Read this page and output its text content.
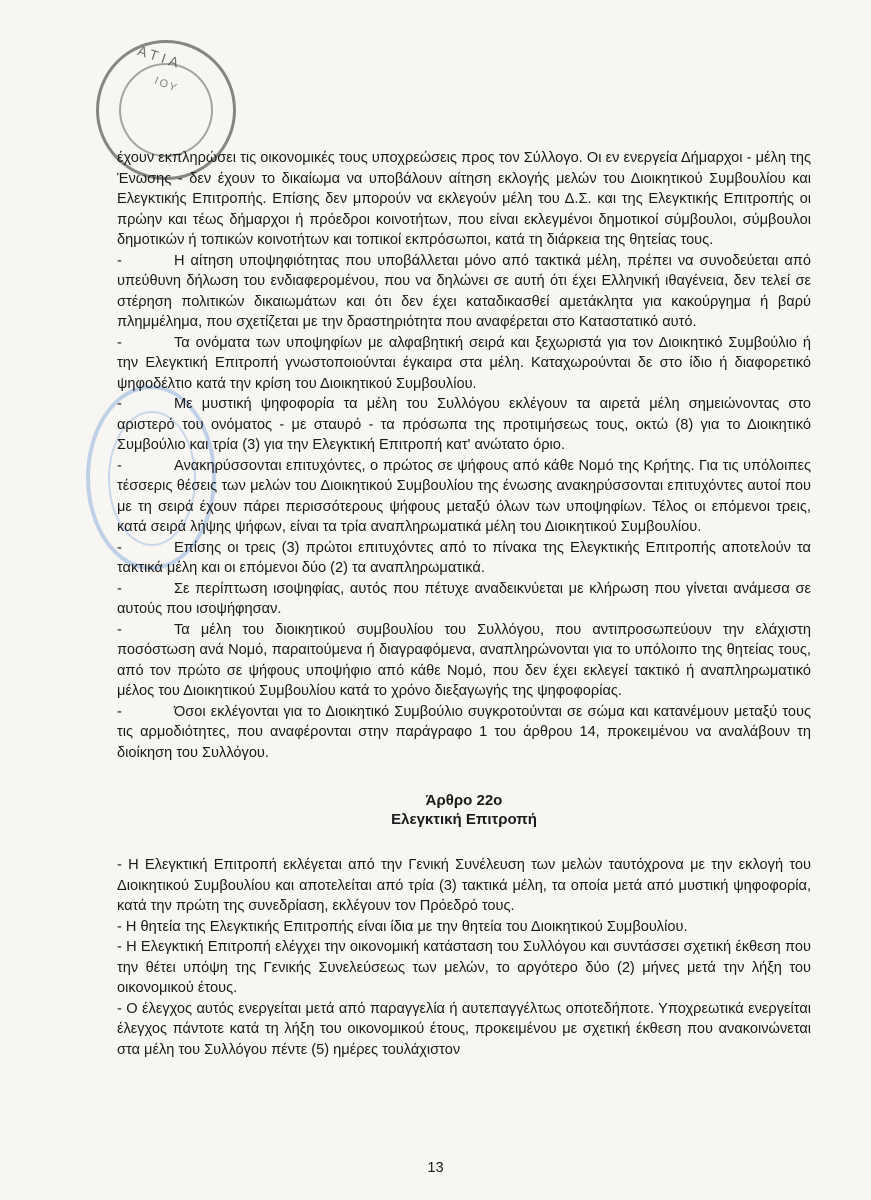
ΑΤΙΑ
ΙΟΥ

έχουν εκπληρώσει τις οικονομικές τους υποχρεώσεις προς τον Σύλλογο. Οι εν ενεργεία Δήμαρχοι - μέλη της Ένωσης - δεν έχουν το δικαίωμα να υποβάλουν αίτηση εκλογής μελών του Διοικητικού Συμβουλίου και Ελεγκτικής Επιτροπής. Επίσης δεν μπορούν να εκλεγούν μέλη του Δ.Σ. και της Ελεγκτικής Επιτροπής οι πρώην και τέως δήμαρχοι ή πρόεδροι κοινοτήτων, που είναι εκλεγμένοι δημοτικοί σύμβουλοι, σύμβουλοι δημοτικών ή τοπικών κοινοτήτων και τοπικοί εκπρόσωποι, κατά τη διάρκεια της θητείας τους.

-	Η αίτηση υποψηφιότητας που υποβάλλεται μόνο από τακτικά μέλη, πρέπει να συνοδεύεται από υπεύθυνη δήλωση του ενδιαφερομένου, που να δηλώνει σε αυτή ότι έχει Ελληνική ιθαγένεια, δεν τελεί σε στέρηση πολιτικών δικαιωμάτων και ότι δεν έχει καταδικασθεί αμετάκλητα για κακούργημα ή βαρύ πλημμέλημα, που σχετίζεται με την δραστηριότητα που αναφέρεται στο Καταστατικό αυτό.

-	Τα ονόματα των υποψηφίων με αλφαβητική σειρά και ξεχωριστά για τον Διοικητικό Συμβούλιο ή την Ελεγκτική Επιτροπή γνωστοποιούνται έγκαιρα στα μέλη. Καταχωρούνται δε στο ίδιο ή διαφορετικό ψηφοδέλτιο κατά την κρίση του Διοικητικού Συμβουλίου.

-	Με μυστική ψηφοφορία τα μέλη του Συλλόγου εκλέγουν τα αιρετά μέλη σημειώνοντας στο αριστερό του ονόματος - με σταυρό - τα πρόσωπα της προτιμήσεως τους, οκτώ (8) για το Διοικητικό Συμβούλιο και τρία (3) για την Ελεγκτική Επιτροπή κατ' ανώτατο όριο.

-	Ανακηρύσσονται επιτυχόντες, ο πρώτος σε ψήφους από κάθε Νομό της Κρήτης. Για τις υπόλοιπες τέσσερις θέσεις των μελών του Διοικητικού Συμβουλίου της ένωσης ανακηρύσσονται επιτυχόντες αυτοί που με τη σειρά έχουν πάρει περισσότερους ψήφους μεταξύ όλων των υποψηφίων. Τέλος οι επόμενοι τρεις, κατά σειρά λήψης ψήφων, είναι τα τρία αναπληρωματικά μέλη του Διοικητικού Συμβουλίου.

-	Επίσης οι τρεις (3) πρώτοι επιτυχόντες από το πίνακα της Ελεγκτικής Επιτροπής αποτελούν τα τακτικά μέλη και οι επόμενοι δύο (2) τα αναπληρωματικά.

-	Σε περίπτωση ισοψηφίας, αυτός που πέτυχε αναδεικνύεται με κλήρωση που γίνεται ανάμεσα σε αυτούς που ισοψήφησαν.

-	Τα μέλη του διοικητικού συμβουλίου του Συλλόγου, που αντιπροσωπεύουν την ελάχιστη ποσόστωση ανά Νομό, παραιτούμενα ή διαγραφόμενα, αναπληρώνονται για το υπόλοιπο της θητείας τους, από τον πρώτο σε ψήφους υποψήφιο από κάθε Νομό, που δεν έχει εκλεγεί τακτικό ή αναπληρωματικό μέλος του Διοικητικού Συμβουλίου κατά το χρόνο διεξαγωγής της ψηφοφορίας.

-	Όσοι εκλέγονται για το Διοικητικό Συμβούλιο συγκροτούνται σε σώμα και κατανέμουν μεταξύ τους τις αρμοδιότητες, που αναφέρονται στην παράγραφο 1 του άρθρου 14, προκειμένου να αναλάβουν τη διοίκηση του Συλλόγου.

Άρθρο 22ο
Ελεγκτική Επιτροπή

- Η Ελεγκτική Επιτροπή εκλέγεται από την Γενική Συνέλευση των μελών ταυτόχρονα με την εκλογή του Διοικητικού Συμβουλίου και αποτελείται από τρία (3) τακτικά μέλη, τα οποία μετά από μυστική ψηφοφορία, κατά την πρώτη της συνεδρίαση, εκλέγουν τον Πρόεδρό τους.

- Η θητεία της Ελεγκτικής Επιτροπής είναι ίδια με την θητεία του Διοικητικού Συμβουλίου.

- Η Ελεγκτική Επιτροπή ελέγχει την οικονομική κατάσταση του Συλλόγου και συντάσσει σχετική έκθεση που την θέτει υπόψη της Γενικής Συνελεύσεως των μελών, το αργότερο δύο (2) μήνες μετά την λήξη του οικονομικού έτους.

- Ο έλεγχος αυτός ενεργείται μετά από παραγγελία ή αυτεπαγγέλτως οποτεδήποτε. Υποχρεωτικά ενεργείται έλεγχος πάντοτε κατά τη λήξη του οικονομικού έτους, προκειμένου με σχετική έκθεση που ανακοινώνεται στα μέλη του Συλλόγου πέντε (5) ημέρες τουλάχιστον

13
